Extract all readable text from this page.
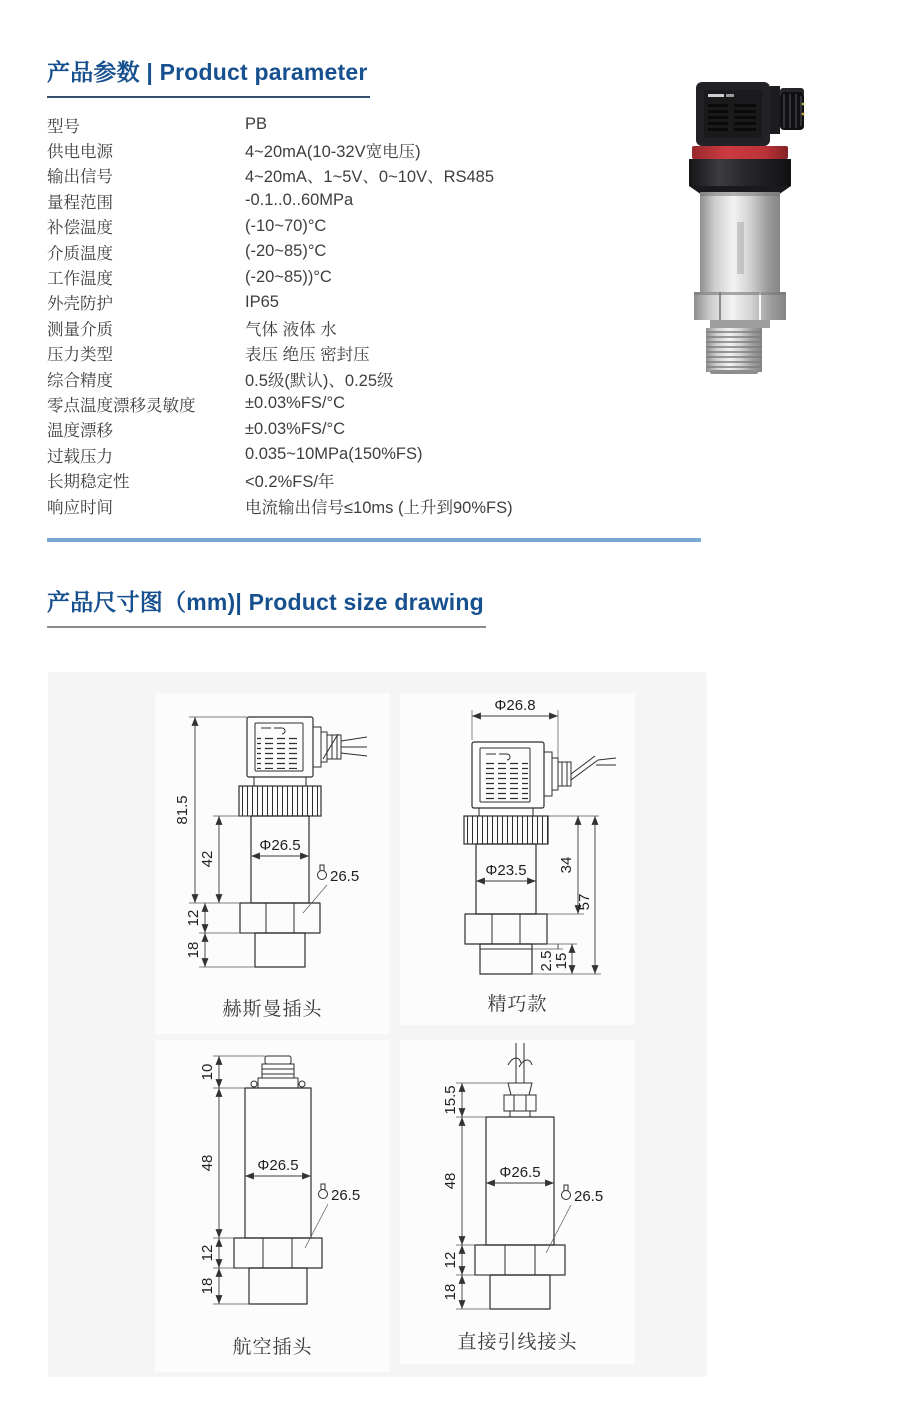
产品参数 | Product parameter
型号	PB
供电电源	4~20mA(10-32V宽电压)
输出信号	4~20mA、1~5V、0~10V、RS485
量程范围	-0.1..0..60MPa
补偿温度	(-10~70)°C
介质温度	(-20~85)°C
工作温度	(-20~85))°C
外壳防护	IP65
测量介质	气体 液体 水
压力类型	表压 绝压 密封压
综合精度	0.5级(默认)、0.25级
零点温度漂移灵敏度	±0.03%FS/°C
温度漂移	±0.03%FS/°C
过载压力	0.035~10MPa(150%FS)
长期稳定性	<0.2%FS/年
响应时间	电流输出信号≤10ms (上升到90%FS)
产品尺寸图（mm)| Product size drawing
81.5
42
Φ26.5
12
18
26.5
赫斯曼插头
Φ26.8
Φ23.5 34
57
2.5
15
精巧款
10
48	Φ26.5
12
18
26.5
航空插头
15.5
48	Φ26.5
12
18
26.5
直接引线接头
